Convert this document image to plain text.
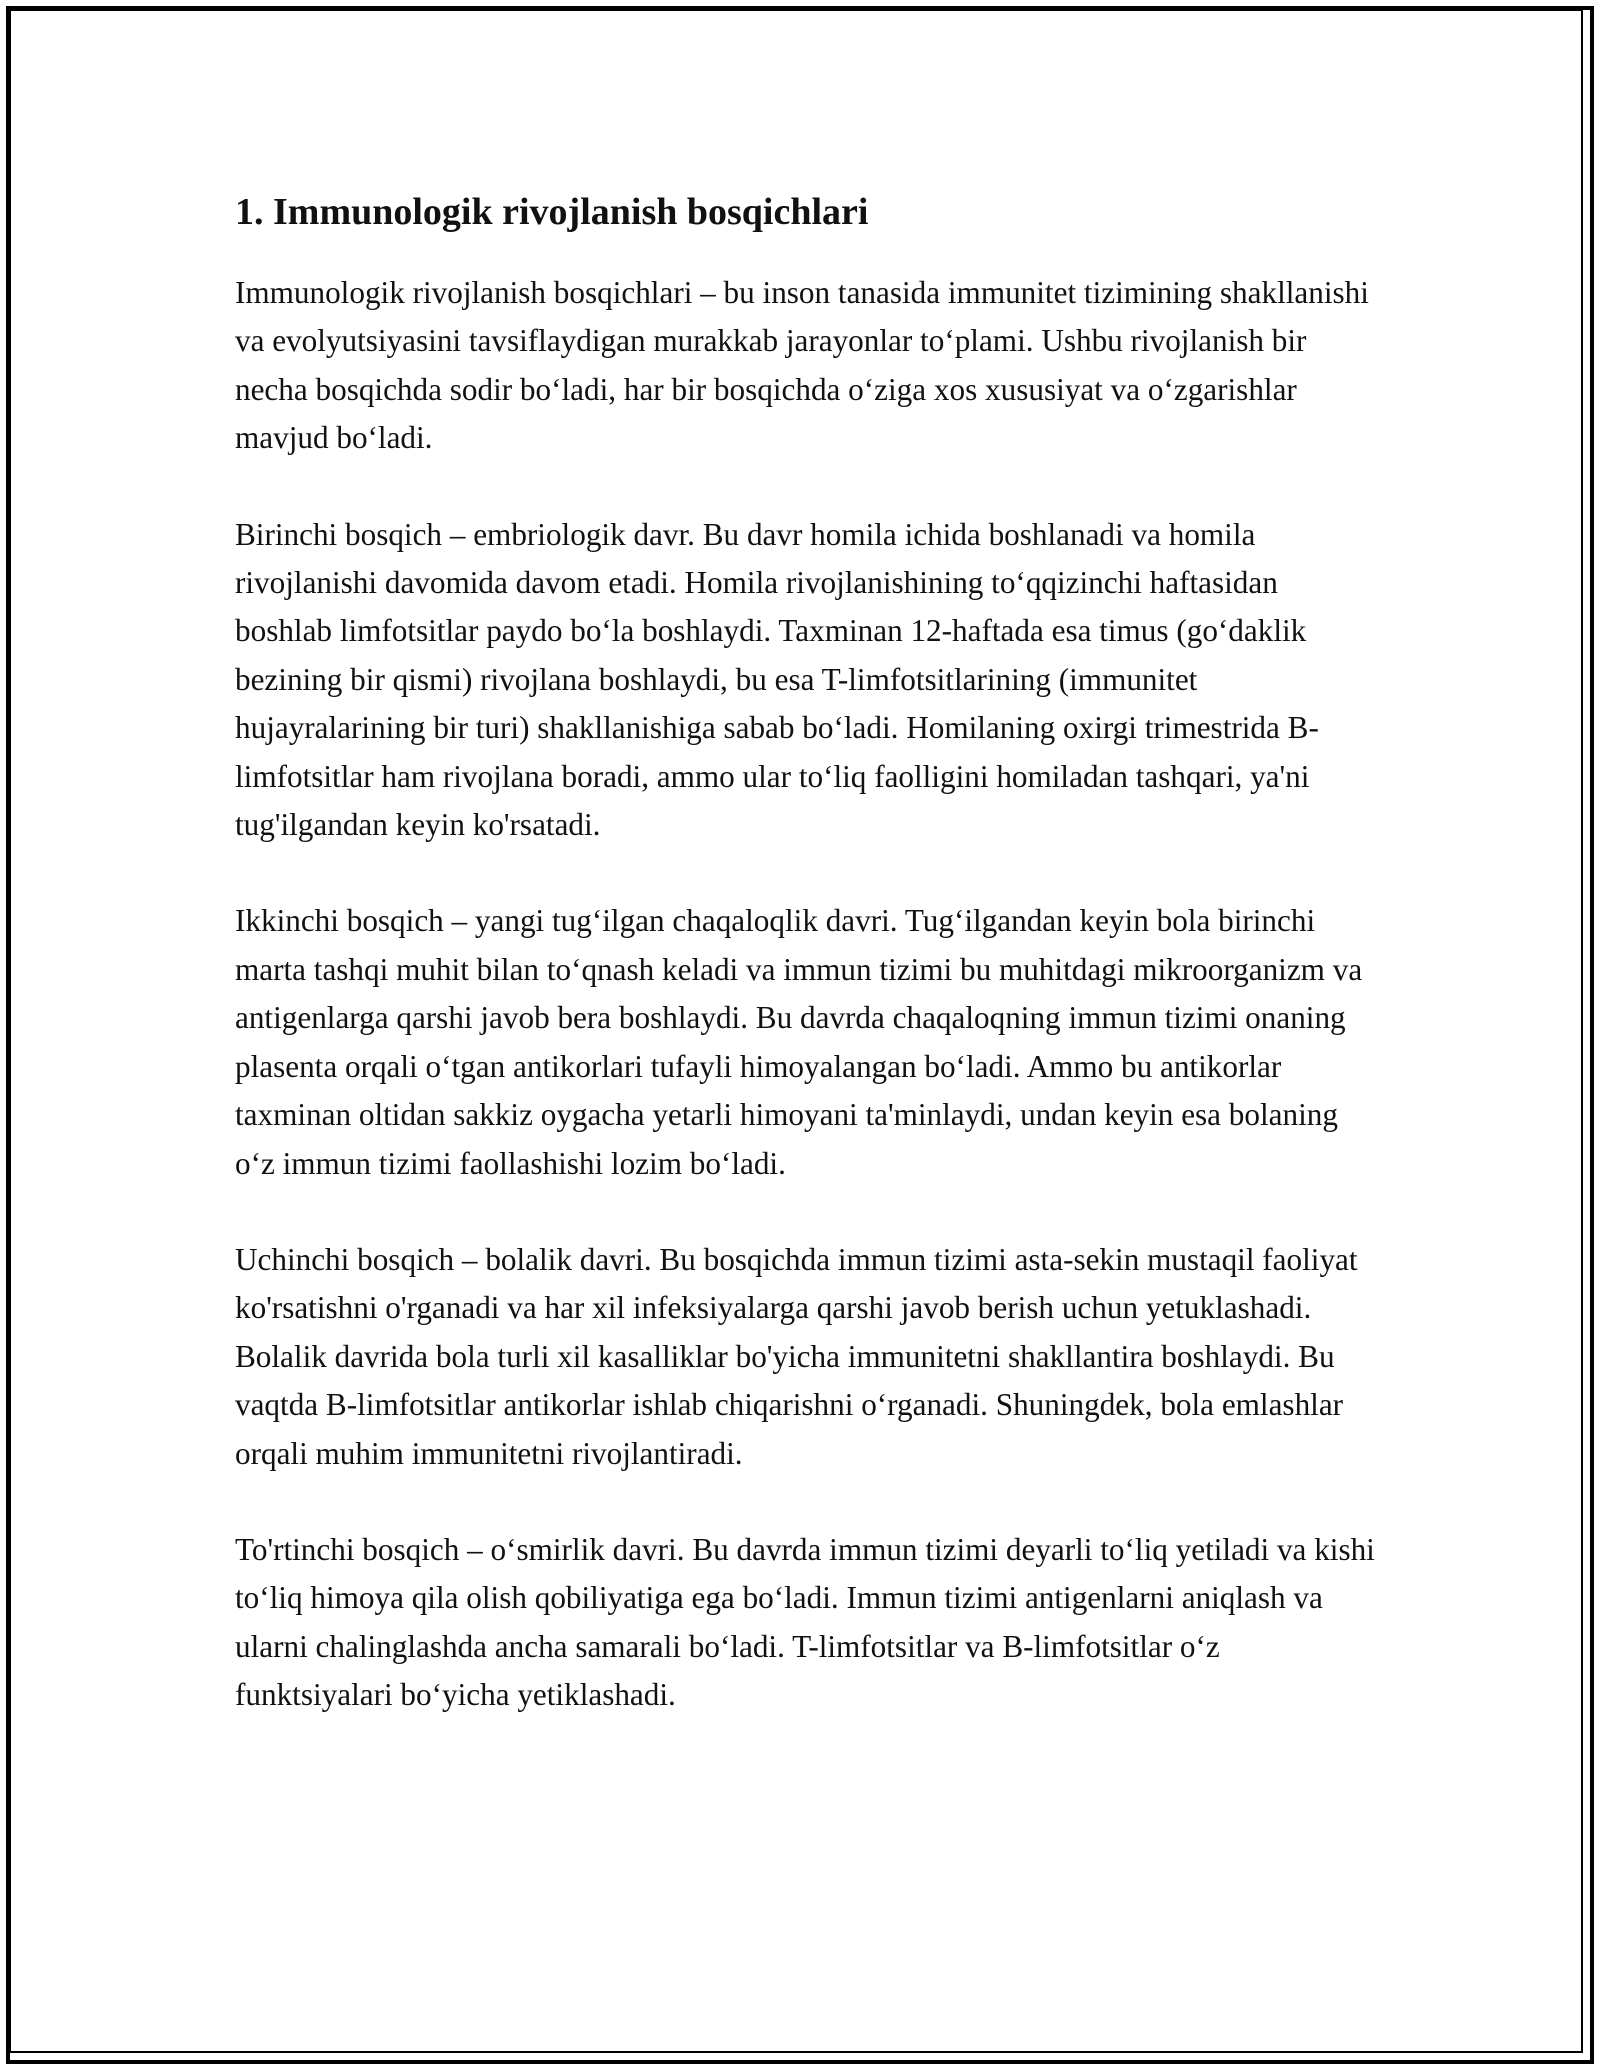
1. Immunologik rivojlanish bosqichlari

Immunologik rivojlanish bosqichlari – bu inson tanasida immunitet tizimining shakllanishi va evolyutsiyasini tavsiflaydigan murakkab jarayonlar to‘plami. Ushbu rivojlanish bir necha bosqichda sodir bo‘ladi, har bir bosqichda o‘ziga xos xususiyat va o‘zgarishlar mavjud bo‘ladi.

Birinchi bosqich – embriologik davr. Bu davr homila ichida boshlanadi va homila rivojlanishi davomida davom etadi. Homila rivojlanishining to‘qqizinchi haftasidan boshlab limfotsitlar paydo bo‘la boshlaydi. Taxminan 12-haftada esa timus (go‘daklik bezining bir qismi) rivojlana boshlaydi, bu esa T-limfotsitlarining (immunitet hujayralarining bir turi) shakllanishiga sabab bo‘ladi. Homilaning oxirgi trimestrida B-limfotsitlar ham rivojlana boradi, ammo ular to‘liq faolligini homiladan tashqari, ya'ni tug'ilgandan keyin ko'rsatadi.

Ikkinchi bosqich – yangi tug‘ilgan chaqaloqlik davri. Tug‘ilgandan keyin bola birinchi marta tashqi muhit bilan to‘qnash keladi va immun tizimi bu muhitdagi mikroorganizm va antigenlarga qarshi javob bera boshlaydi. Bu davrda chaqaloqning immun tizimi onaning plasenta orqali o‘tgan antikorlari tufayli himoyalangan bo‘ladi. Ammo bu antikorlar taxminan oltidan sakkiz oygacha yetarli himoyani ta'minlaydi, undan keyin esa bolaning o‘z immun tizimi faollashishi lozim bo‘ladi.

Uchinchi bosqich – bolalik davri. Bu bosqichda immun tizimi asta-sekin mustaqil faoliyat ko'rsatishni o'rganadi va har xil infeksiyalarga qarshi javob berish uchun yetuklashadi. Bolalik davrida bola turli xil kasalliklar bo'yicha immunitetni shakllantira boshlaydi. Bu vaqtda B-limfotsitlar antikorlar ishlab chiqarishni o‘rganadi. Shuningdek, bola emlashlar orqali muhim immunitetni rivojlantiradi.

To'rtinchi bosqich – o‘smirlik davri. Bu davrda immun tizimi deyarli to‘liq yetiladi va kishi to‘liq himoya qila olish qobiliyatiga ega bo‘ladi. Immun tizimi antigenlarni aniqlash va ularni chalinglashda ancha samarali bo‘ladi. T-limfotsitlar va B-limfotsitlar o‘z funktsiyalari bo‘yicha yetiklashadi.
